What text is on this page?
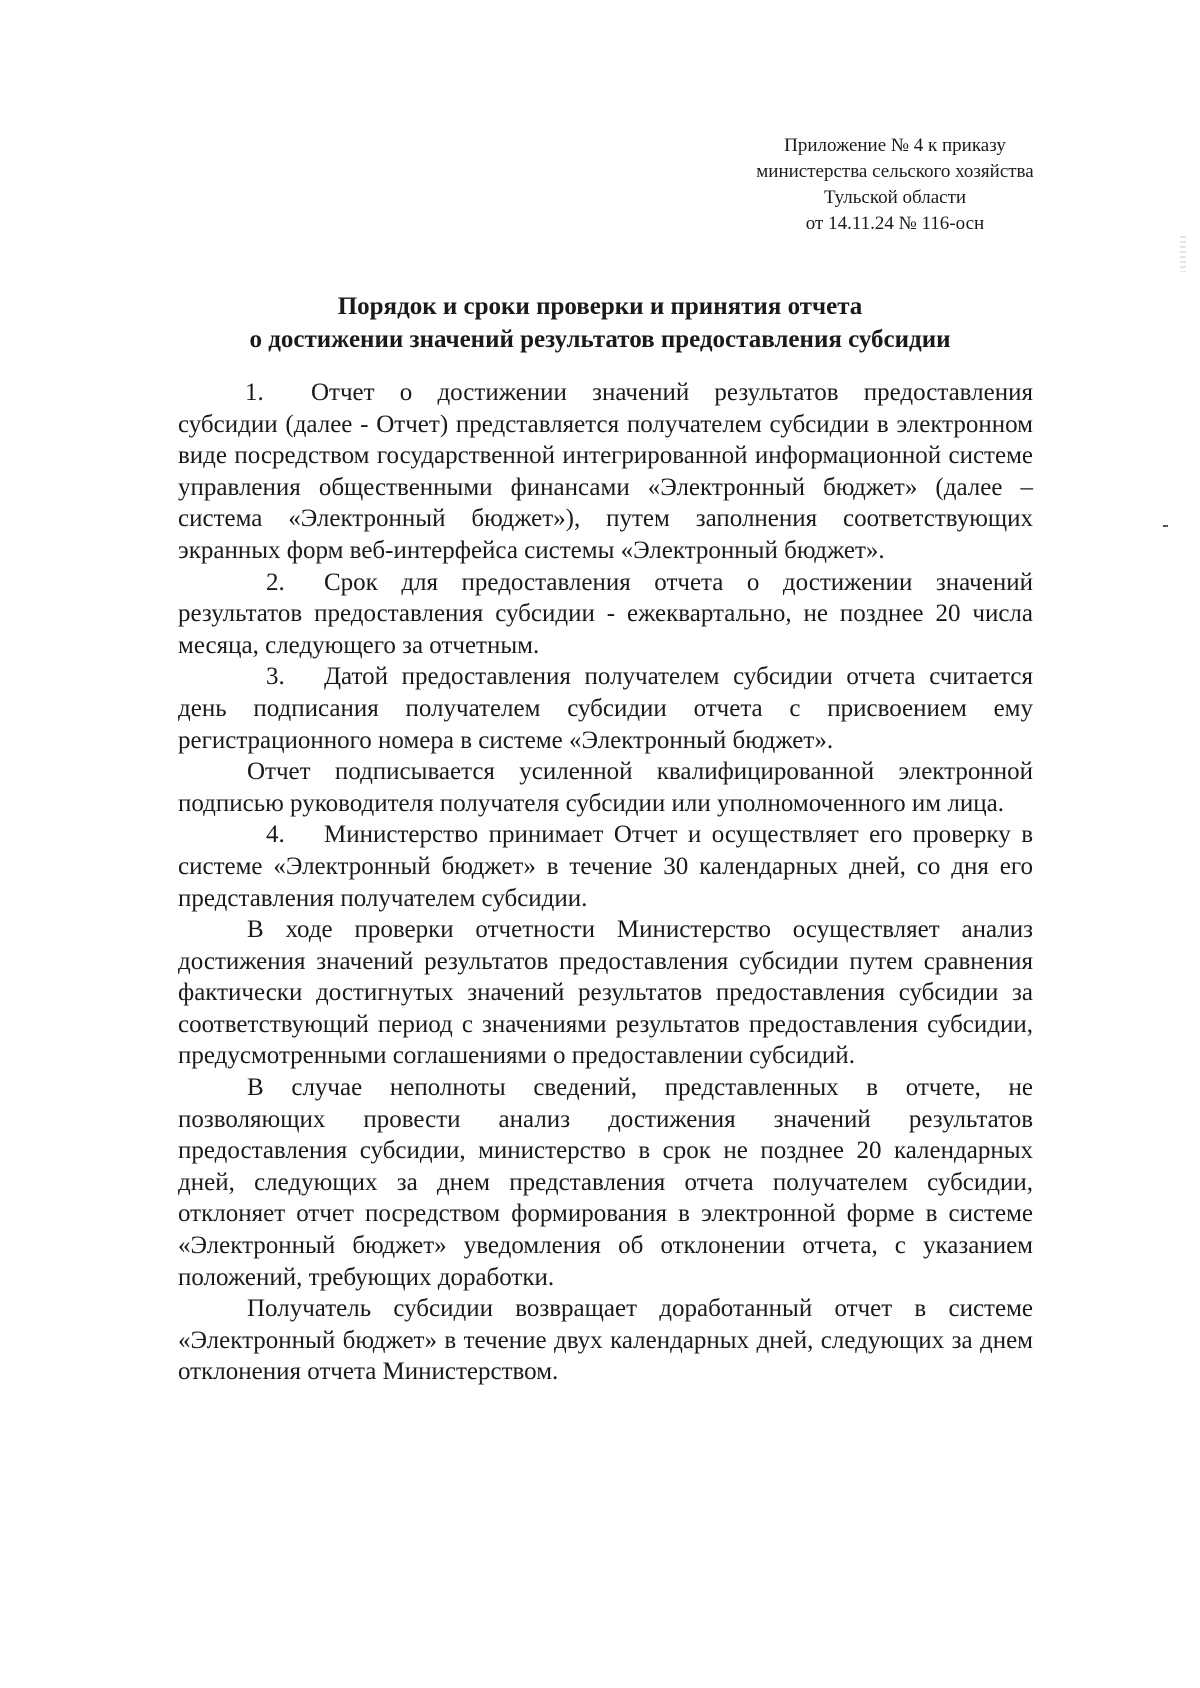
Приложение № 4 к приказу
министерства сельского хозяйства
Тульской области
от 14.11.24 № 116-осн
Порядок и сроки проверки и принятия отчета
о достижении значений результатов предоставления субсидии

1. Отчет о достижении значений результатов предоставления субсидии (далее - Отчет) представляется получателем субсидии в электронном виде посредством государственной интегрированной информационной системе управления общественными финансами «Электронный бюджет» (далее – система «Электронный бюджет»), путем заполнения соответствующих экранных форм веб-интерфейса системы «Электронный бюджет».

2. Срок для предоставления отчета о достижении значений результатов предоставления субсидии - ежеквартально, не позднее 20 числа месяца, следующего за отчетным.

3. Датой предоставления получателем субсидии отчета считается день подписания получателем субсидии отчета с присвоением ему регистрационного номера в системе «Электронный бюджет».

Отчет подписывается усиленной квалифицированной электронной подписью руководителя получателя субсидии или уполномоченного им лица.

4. Министерство принимает Отчет и осуществляет его проверку в системе «Электронный бюджет» в течение 30 календарных дней, со дня его представления получателем субсидии.

В ходе проверки отчетности Министерство осуществляет анализ достижения значений результатов предоставления субсидии путем сравнения фактически достигнутых значений результатов предоставления субсидии за соответствующий период с значениями результатов предоставления субсидии, предусмотренными соглашениями о предоставлении субсидий.

В случае неполноты сведений, представленных в отчете, не позволяющих провести анализ достижения значений результатов предоставления субсидии, министерство в срок не позднее 20 календарных дней, следующих за днем представления отчета получателем субсидии, отклоняет отчет посредством формирования в электронной форме в системе «Электронный бюджет» уведомления об отклонении отчета, с указанием положений, требующих доработки.

Получатель субсидии возвращает доработанный отчет в системе «Электронный бюджет» в течение двух календарных дней, следующих за днем отклонения отчета Министерством.
